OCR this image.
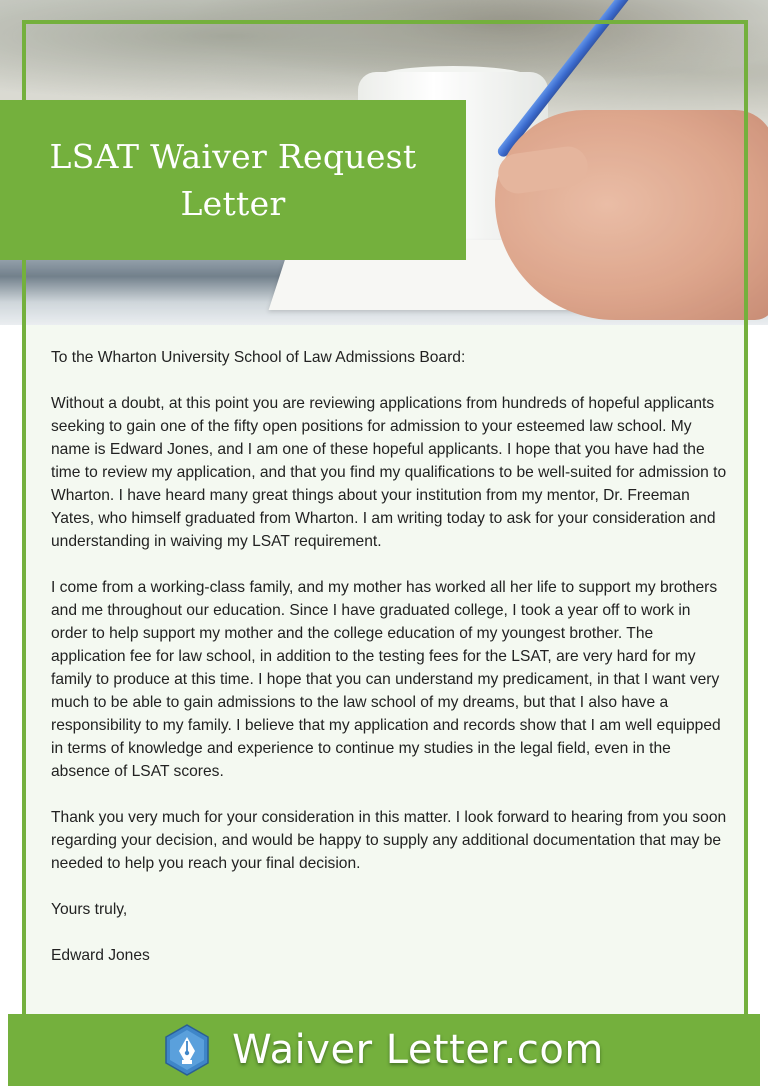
LSAT Waiver Request Letter

To the Wharton University School of Law Admissions Board:

Without a doubt, at this point you are reviewing applications from hundreds of hopeful applicants seeking to gain one of the fifty open positions for admission to your esteemed law school. My name is Edward Jones, and I am one of these hopeful applicants. I hope that you have had the time to review my application, and that you find my qualifications to be well-suited for admission to Wharton. I have heard many great things about your institution from my mentor, Dr. Freeman Yates, who himself graduated from Wharton. I am writing today to ask for your consideration and understanding in waiving my LSAT requirement.

I come from a working-class family, and my mother has worked all her life to support my brothers and me throughout our education. Since I have graduated college, I took a year off to work in order to help support my mother and the college education of my youngest brother. The application fee for law school, in addition to the testing fees for the LSAT, are very hard for my family to produce at this time. I hope that you can understand my predicament, in that I want very much to be able to gain admissions to the law school of my dreams, but that I also have a responsibility to my family. I believe that my application and records show that I am well equipped in terms of knowledge and experience to continue my studies in the legal field, even in the absence of LSAT scores.

Thank you very much for your consideration in this matter. I look forward to hearing from you soon regarding your decision, and would be happy to supply any additional documentation that may be needed to help you reach your final decision.

Yours truly,

Edward Jones

Waiver Letter.com
